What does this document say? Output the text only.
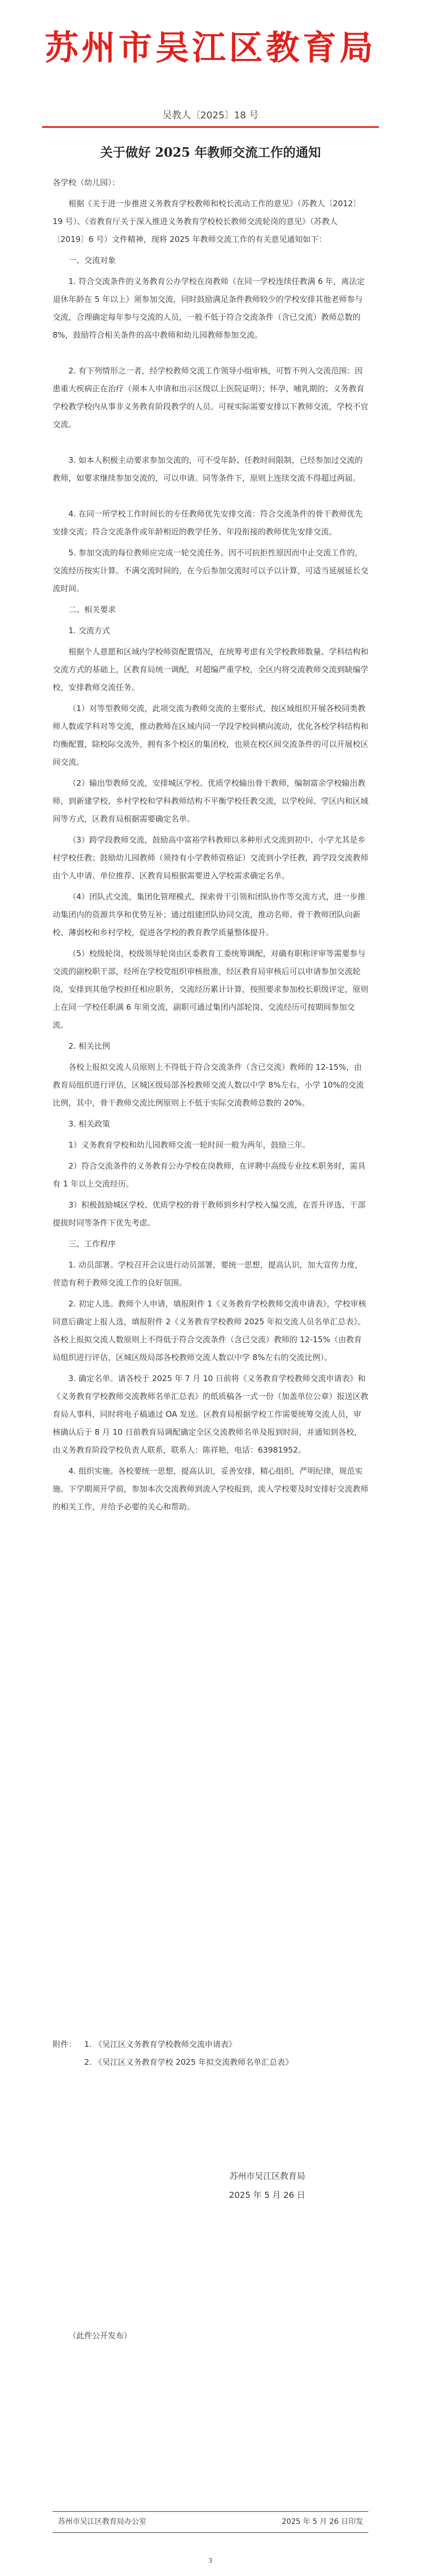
苏州市吴江区教育局
吴教人〔2025〕18 号
关于做好 2025 年教师交流工作的通知

各学校（幼儿园）：

根据《关于进一步推进义务教育学校教师和校长流动工作的意见》（苏教人〔2012〕19 号）、《省教育厅关于深入推进义务教育学校校长教师交流轮岗的意见》（苏教人〔2019〕6 号）文件精神，现将 2025 年教师交流工作的有关意见通知如下：

一、交流对象

1. 符合交流条件的义务教育公办学校在岗教师（在同一学校连续任教满 6 年，离法定退休年龄在 5 年以上）须参加交流，同时鼓励满足条件教师较少的学校安排其他老师参与交流，合理确定每年参与交流的人员，一般不低于符合交流条件（含已交流）教师总数的 8%，鼓励符合相关条件的高中教师和幼儿园教师参加交流。

2. 有下列情形之一者，经学校教师交流工作领导小组审核，可暂不列入交流范围：因患重大疾病正在治疗（须本人申请和出示区级以上医院证明）；怀孕、哺乳期的；义务教育学校教学校内从事非义务教育阶段教学的人员。可视实际需要安排以下教师交流，学校不宜交流。

3. 如本人积极主动要求参加交流的，可不受年龄、任教时间限制，已经参加过交流的教师，如要求继续参加交流的，可以申请。同等条件下，原则上连续交流不得超过两届。

4. 在同一所学校工作时间长的专任教师优先安排交流：符合交流条件的骨干教师优先安排交流；符合交流条件或年龄相近的教学任务、年段衔接的教师优先安排交流。

5. 参加交流的每位教师应完成一轮交流任务。因不可抗拒性原因而中止交流工作的，交流经历按实计算。不满交流时间的，在今后参加交流时可以予以计算，可适当延展延长交流时间。

二、相关要求

1. 交流方式

根据个人意愿和区域内学校师资配置情况，在统筹考虑有关学校教师数量、学科结构和交流方式的基础上，区教育局统一调配，对超编严重学校，全区内将交流教师交流到缺编学校，安排教师交流任务。

（1）对等型教师交流，此项交流为教师交流的主要形式，按区域组织开展各校同类教师人数或学科对等交流，推动教师在区域内同一学段学校间横向流动，优化各校学科结构和均衡配置，除校际交流外，拥有多个校区的集团校，也须在校区间交流条件的可以开展校区间交流。

（2）输出型教师交流，安排城区学校、优质学校输出骨干教师，编制富余学校输出教师，到新建学校、乡村学校和学科教师结构不平衡学校任教交流，以学校间、学区内和区域间等方式，区教育局根据需要确定名单。

（3）跨学段教师交流，鼓励高中富裕学科教师以多种形式交流到初中、小学尤其是乡村学校任教；鼓励幼儿园教师（须持有小学教师资格证）交流到小学任教，跨学段交流教师由个人申请、单位推荐、区教育局根据需要进入学校需求确定名单。

（4）团队式交流，集团化管理模式，探索骨干引领和团队协作等交流方式，进一步推动集团内的资源共享和优势互补；通过组建团队协同交流，推动名师、骨干教师团队向新校、薄弱校和乡村学校，促进各学校的教育教学质量整体提升。

（5）校级轮岗，校级领导轮岗由区委教育工委统筹调配，对确有职称评审等需要参与交流的副校职干部，经所在学校党组织审核批准，经区教育局审核后可以申请参加交流轮岗，安排到其他学校担任相应职务，交流经历累计计算，按照要求参加校长职级评定，原则上在同一学校任职满 6 年须交流，副职可通过集团内部轮岗、交流经历可按期间参加交流。

2. 相关比例

各校上报拟交流人员原则上不得低于符合交流条件（含已交流）教师的 12-15%，由教育局组织进行评估，区城区级局部各校教师交流人数以中学 8%左右，小学 10%的交流比例，其中，骨干教师交流比例原则上不低于实际交流教师总数的 20%。

3. 相关政策

1）义务教育学校和幼儿园教师交流一轮时间一般为两年，鼓励三年。

2）符合交流条件的义务教育公办学校在岗教师，在评聘中高级专业技术职务时，需具有 1 年以上交流经历。

3）积极鼓励城区学校、优质学校的骨干教师到乡村学校入编交流，在晋升评选、干部提拔时同等条件下优先考虑。

三、工作程序

1. 动员部署。学校召开会议进行动员部署，要统一思想，提高认识，加大宣传力度，营造有利于教师交流工作的良好氛围。

2. 初定人选。教师个人申请，填报附件 1《义务教育学校教师交流申请表》，学校审核同意后确定上报人选，填报附件 2《义务教育学校教师 2025 年拟交流人员名单汇总表》。各校上报拟交流人数原则上不得低于符合交流条件（含已交流）教师的 12-15%（由教育局组织进行评估，区城区级局部各校教师交流人数以中学 8%左右的交流比例）。

3. 确定名单。请各校于 2025 年 7 月 10 日前将《义务教育学校教师交流申请表》和《义务教育学校教师交流教师名单汇总表》的纸质稿各一式一份（加盖单位公章）报送区教育局人事科，同时将电子稿通过 OA 发送。区教育局根据学校工作需要统筹交流人员，审核确认后于 8 月 10 日前教育局调配确定全区交流教师名单及报到时间，并通知到各校，由义务教育阶段学校负责人联系，联系人：陈祥艳，电话：63981952。

4. 组织实施。各校要统一思想，提高认识，妥善安排，精心组织，严明纪律，规范实施。下学期须开学前，参加本次交流教师到流入学校报到，流入学校要及时安排好交流教师的相关工作，并给予必要的关心和帮助。

附件： 1. 《吴江区义务教育学校教师交流申请表》
2. 《吴江区义务教育学校 2025 年拟交流教师名单汇总表》
苏州市吴江区教育局
2025 年 5 月 26 日
（此件公开发布）
苏州市吴江区教育局办公室	2025 年 5 月 26 日印发
3
